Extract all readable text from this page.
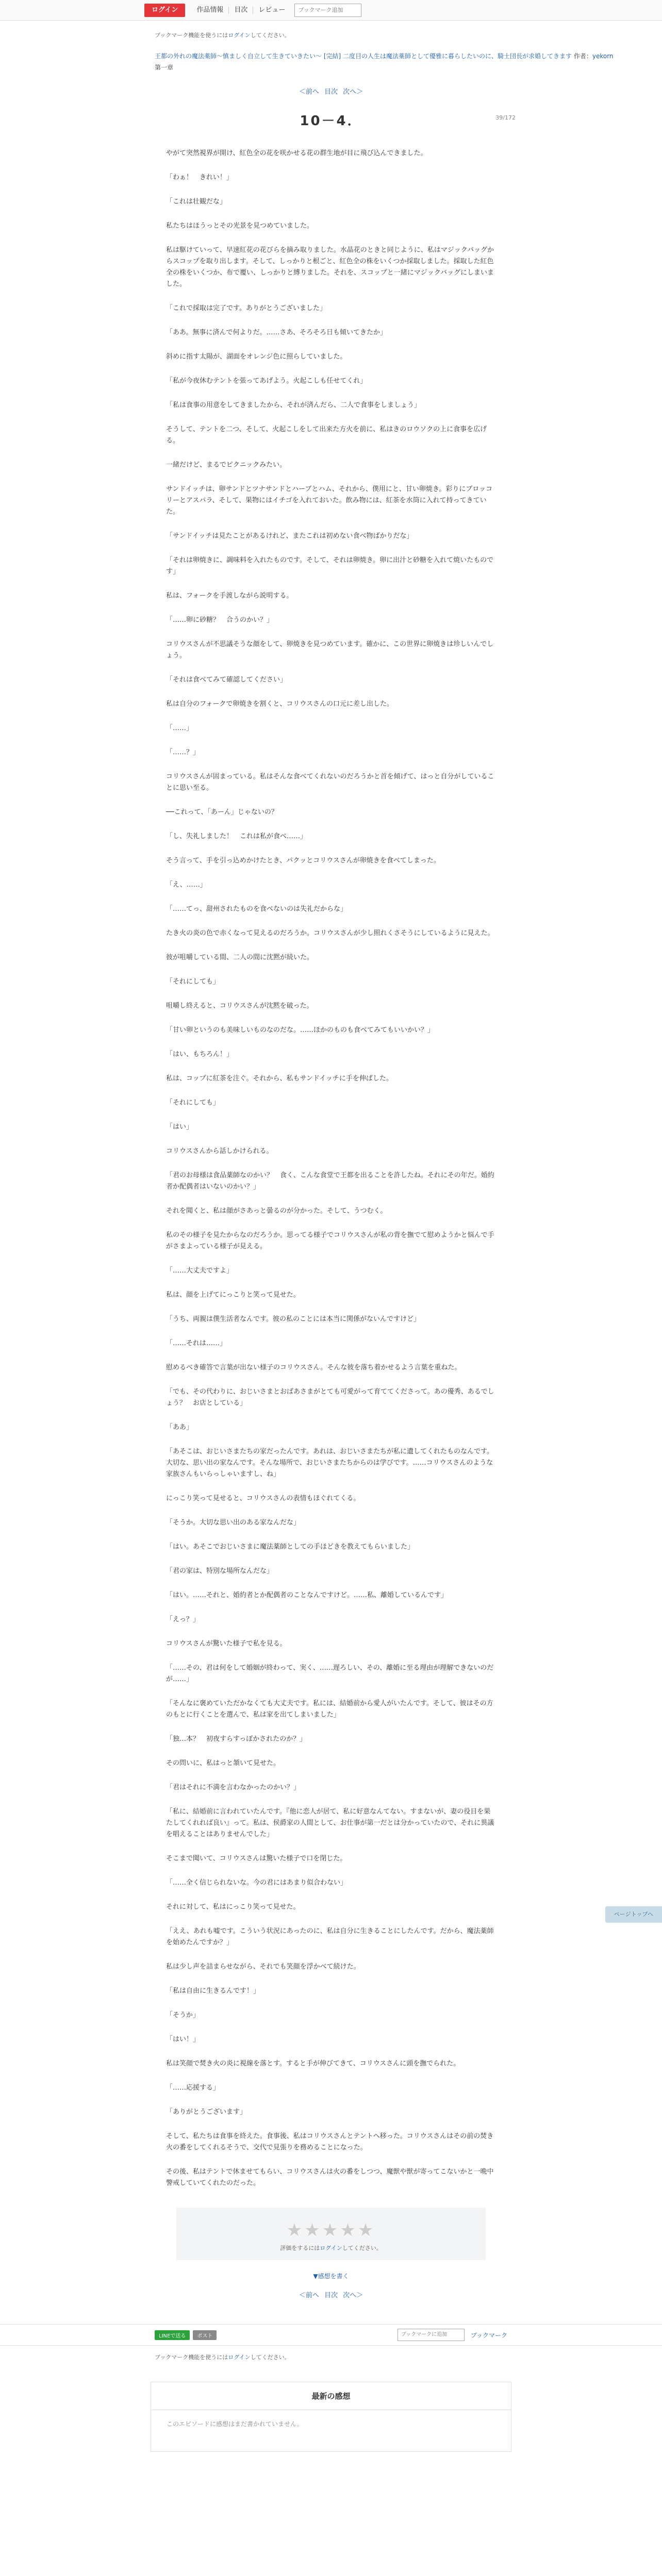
ログイン	作品情報	目次	レビュー
ブックマーク追加
ブックマーク機能を使うにはログインしてください。
王都の外れの魔法薬師〜慎ましく自立して生きていきたい〜 [完結] 二度目の人生は魔法薬師として優雅に暮らしたいのに、騎士団長が求婚してきます 作者：yekorn
第一章
＜前へ 目次 次へ＞
39/172
10－4．

やがて突然視界が開け、紅色全の花を咲かせる花の群生地が目に飛び込んできました。

「わぁ！　きれい！」

「これは壮観だな」

私たちはほうっとその光景を見つめていました。

私は駆けていって、早速紅花の花びらを摘み取りました。水晶花のときと同じように、私はマジックバッグからスコップを取り出します。そして、しっかりと根ごと、紅色全の株をいくつか採取しました。採取した紅色全の株をいくつか、布で覆い、しっかりと縛りました。それを、スコップと一緒にマジックバッグにしまいました。

「これで採取は完了です。ありがとうございました」

「ああ。無事に済んで何よりだ。……さあ、そろそろ日も傾いてきたか」

斜めに指す太陽が、湖面をオレンジ色に照らしていました。

「私が今夜休むテントを張ってあげよう。火起こしも任せてくれ」

「私は食事の用意をしてきましたから、それが済んだら、二人で食事をしましょう」

そうして、テントを二つ、そして、火起こしをして出来た方火を前に、私はきのロウソクの上に食事を広げる。

一緒だけど、まるでピクニックみたい。

サンドイッチは、卵サンドとツナサンドとハーブとハム、それから、僕用にと、甘い卵焼き。彩りにブロッコリーとアスパラ、そして、果物にはイチゴを入れておいた。飲み物には、紅茶を水筒に入れて持ってきていた。

「サンドイッチは見たことがあるけれど、またこれは初めない食べ物ばかりだな」

「それは卵焼きに、調味料を入れたものです。そして、それは卵焼き。卵に出汁と砂糖を入れて焼いたものです」

私は、フォークを手渡しながら説明する。

「……卵に砂糖？　合うのかい？」

コリウスさんが不思議そうな顔をして、卵焼きを見つめています。確かに、この世界に卵焼きは珍しいんでしょう。

「それは食べてみて確認してください」

私は自分のフォークで卵焼きを割くと、コリウスさんの口元に差し出した。

「……」

「……？」

コリウスさんが固まっている。私はそんな食べてくれないのだろうかと首を傾げて、はっと自分がしていることに思い至る。

──これって、「あーん」じゃないの？

「し、失礼しました！　これは私が食べ……」

そう言って、手を引っ込めかけたとき、パクッとコリウスさんが卵焼きを食べてしまった。

「え、……」

「……てっ、甜州されたものを食べないのは失礼だからな」

たき火の炎の色で赤くなって見えるのだろうか。コリウスさんが少し照れくさそうにしているように見えた。

彼が咀嚼している間、二人の間に沈黙が続いた。

「それにしても」

咀嚼し終えると、コリウスさんが沈黙を破った。

「甘い卵というのも美味しいものなのだな。……ほかのものも食べてみてもいいかい？」

「はい、もちろん！」

私は、コップに紅茶を注ぐ。それから、私もサンドイッチに手を伸ばした。

「それにしても」

「はい」

コリウスさんから話しかけられる。

「君のお母様は食品薬師なのかい？　食く、こんな食堂で王都を出ることを許したね。それにその年だ。婚約者か配偶者はいないのかい？」

それを聞くと、私は顔がさあっと曇るのが分かった。そして、うつむく。

私のその様子を見たからなのだろうか。思ってる様子でコリウスさんが私の背を撫でて慰めようかと悩んで手がさまよっている様子が見える。

「……大丈夫ですよ」

私は、顔を上げてにっこりと笑って見せた。

「うち、両親は僕生活者なんです。彼の私のことには本当に関係がないんですけど」

「……それは……」

慰めるべき確答で言葉が出ない様子のコリウスさん。そんな彼を落ち着かせるよう言葉を重ねた。

「でも、その代わりに、おじいさまとおばあさまがとても可愛がって育ててくださって。あの優秀、あるでしょう？　お店としている」

「ああ」

「あそこは、おじいさまたちの家だったんです。あれは、おじいさまたちが私に遺してくれたものなんです。大切な、思い出の家なんです。そんな場所で、おじいさまたちからのは学びです。……コリウスさんのような家族さんもいらっしゃいますし、ね」

にっこり笑って見せると、コリウスさんの表情もほぐれてくる。

「そうか。大切な思い出のある家なんだな」

「はい。あそこでおじいさまに魔法薬師としての手ほどきを教えてもらいました」

「君の家は、特別な場所なんだな」

「はい。……それと、婚約者とか配偶者のことなんですけど。……私、離婚しているんです」

「えっ？」

コリウスさんが驚いた様子で私を見る。

「……その、君は何をして婚姻が終わって、実く、……遅ろしい、その、離婚に至る理由が理解できないのだが……」

「そんなに褒めていただかなくても大丈夫です。私には、結婚前から愛人がいたんです。そして、彼はその方のもとに行くことを選んで、私は家を出てしまいました」

「独…本？　初夜すらすっぽかされたのか？」

その問いに、私はっと頷いて見せた。

「君はそれに不満を言わなかったのかい？」

「私に、結婚前に言われていたんです。『他に恋人が居て、私に好意なんてない。すまないが、妻の役目を果たしてくれれば良い』って。私は、侯爵家の人間として、お仕事が第一だとは分かっていたので、それに異議を唱えることはありませんでした」

そこまで聞いて、コリウスさんは驚いた様子で口を閉じた。

「……全く信じられないな。今の君にはあまり似合わない」

それに対して、私はにっこり笑って見せた。

「ええ、あれも嘘です。こういう状況にあったのに、私は自分に生きることにしたんです。だから、魔法薬師を始めたんですか？」

私は少し声を詰まらせながら、それでも笑顔を浮かべて続けた。

「私は自由に生きるんです！」

「そうか」

「はい！」

私は笑顔で焚き火の炎に視線を落とす。すると手が伸びてきて、コリウスさんに頭を撫でられた。

「……応援する」

「ありがとうございます」

そして、私たちは食事を終えた。食事後、私はコリウスさんとテントへ移った。コリウスさんはその前の焚き火の番をしてくれるそうで、交代で見張りを務めることになった。

その後、私はテントで休ませてもらい、コリウスさんは火の番をしつつ、魔獣や獣が寄ってこないかと一晩中警戒していてくれたのだった。

ページトップへ
★★★★★
評価をするにはログインしてください。
▼感想を書く
＜前へ 目次 次へ＞
LINEで送る	ポスト	ブックマークに追加	ブックマーク
ブックマーク機能を使うにはログインしてください。
最新の感想
このエピソードに感想はまだ書かれていません。
